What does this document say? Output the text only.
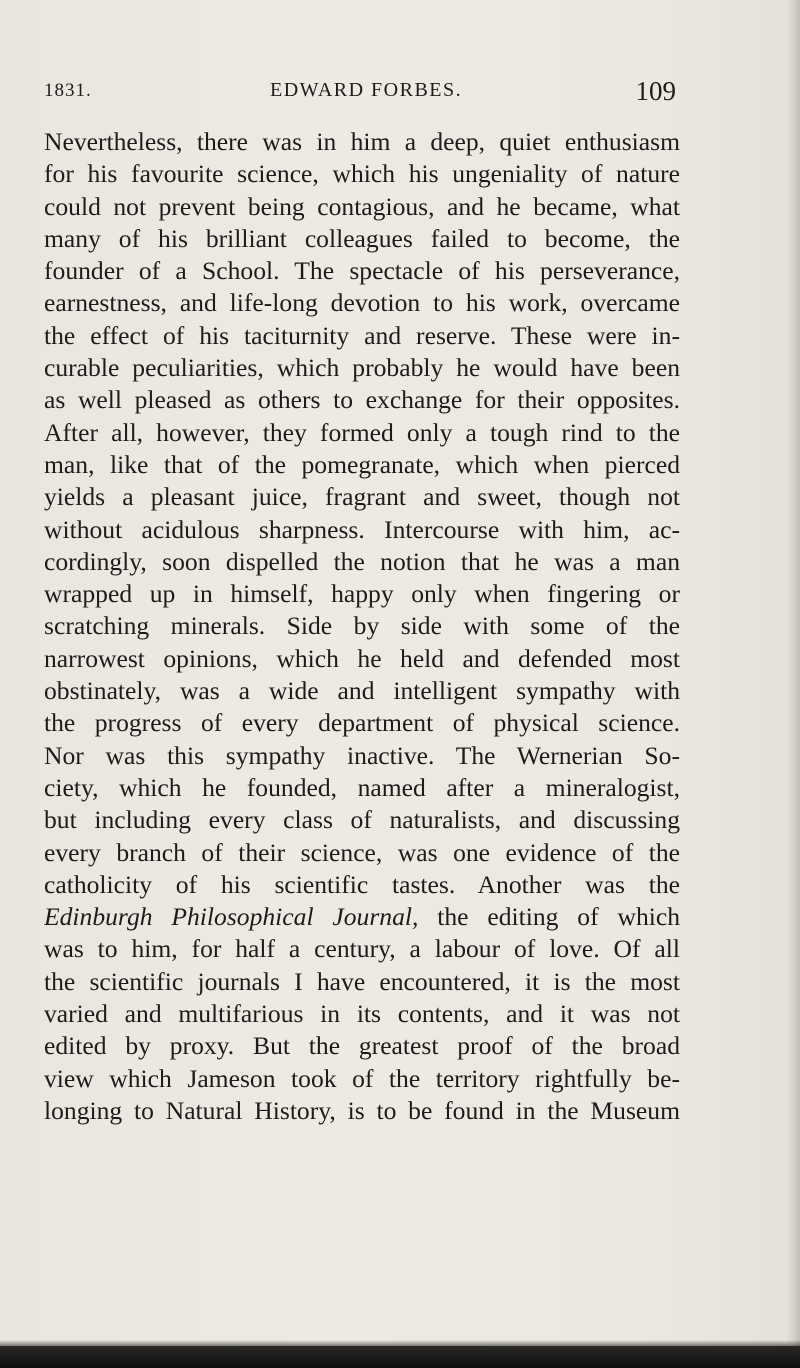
1831.	EDWARD FORBES.	109
Nevertheless, there was in him a deep, quiet enthusiasm
for his favourite science, which his ungeniality of nature
could not prevent being contagious, and he became, what
many of his brilliant colleagues failed to become, the
founder of a School. The spectacle of his perseverance,
earnestness, and life-long devotion to his work, overcame
the effect of his taciturnity and reserve. These were in-
curable peculiarities, which probably he would have been
as well pleased as others to exchange for their opposites.
After all, however, they formed only a tough rind to the
man, like that of the pomegranate, which when pierced
yields a pleasant juice, fragrant and sweet, though not
without acidulous sharpness. Intercourse with him, ac-
cordingly, soon dispelled the notion that he was a man
wrapped up in himself, happy only when fingering or
scratching minerals. Side by side with some of the
narrowest opinions, which he held and defended most
obstinately, was a wide and intelligent sympathy with
the progress of every department of physical science.
Nor was this sympathy inactive. The Wernerian So-
ciety, which he founded, named after a mineralogist,
but including every class of naturalists, and discussing
every branch of their science, was one evidence of the
catholicity of his scientific tastes. Another was the
Edinburgh Philosophical Journal, the editing of which
was to him, for half a century, a labour of love. Of all
the scientific journals I have encountered, it is the most
varied and multifarious in its contents, and it was not
edited by proxy. But the greatest proof of the broad
view which Jameson took of the territory rightfully be-
longing to Natural History, is to be found in the Museum
